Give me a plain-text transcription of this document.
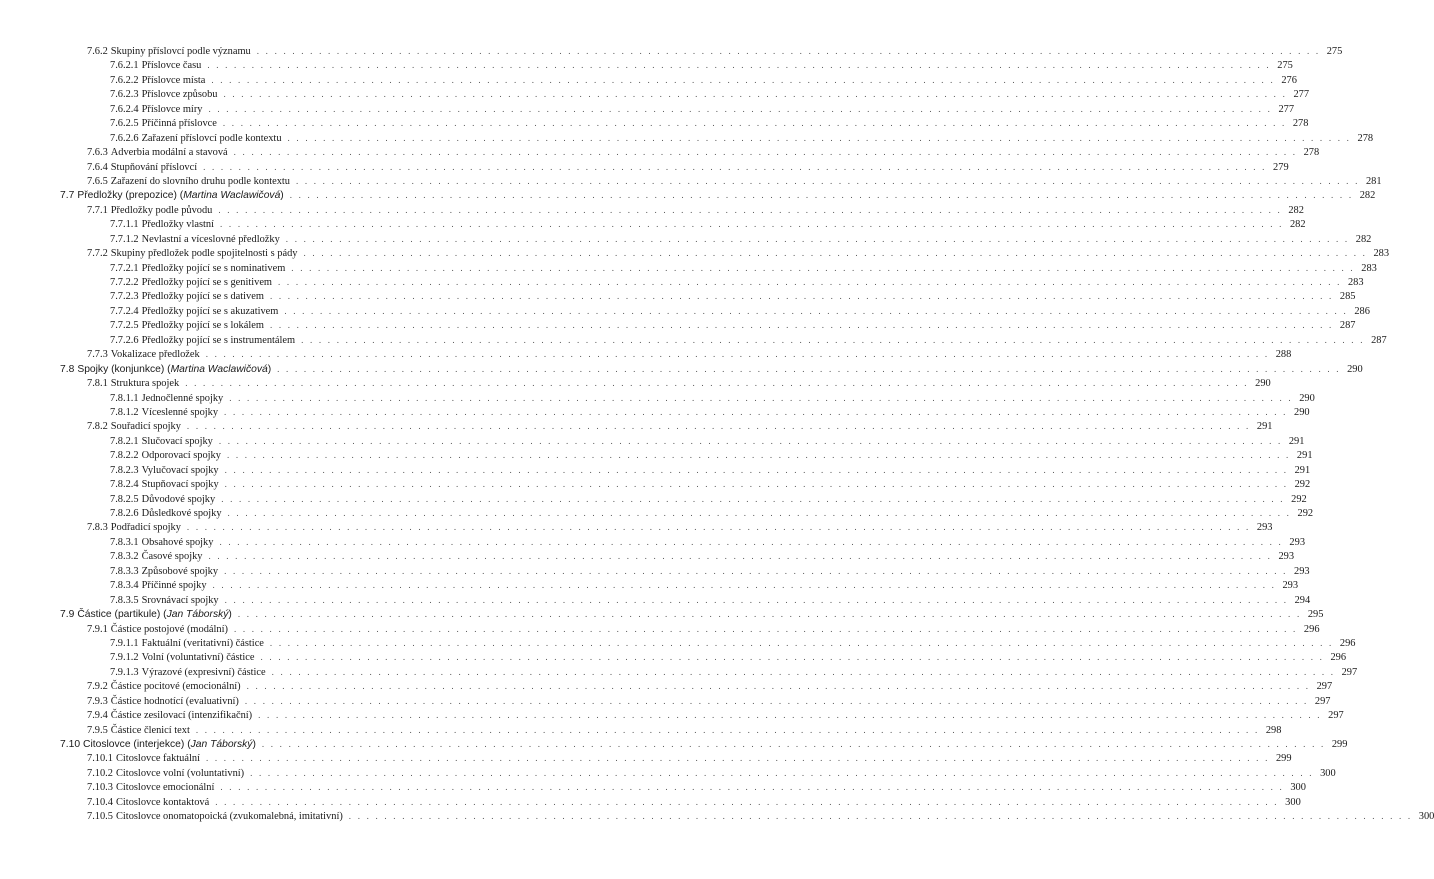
7.6.2 Skupiny příslovcí podle významu . . . . . . . . . . . . . . . . . . . . . . . . . . . . . . . . . . . . . . . . . . . . . . . . . . . . . . . . . . . . . . . . . . . . . . . . . . . . . . . . . . . . . . . . . . . . . . . . . . . . . . . . . . . . . . . . . . . . . . . . 275
7.6.2.1 Příslovce času . . . . . . . . . . . . . . . . . . . . . . . . . . . . . . . . . . . . . . . . . . . . . . . . . . . . . . . . . . . . . . . . . . . . . . . . . . . . . . . . . . . . . . . . . . . . . . . . . . . . . . . . . . . . . . . . . . . . . . . . 275
7.6.2.2 Příslovce místa . . . . . . . . . . . . . . . . . . . . . . . . . . . . . . . . . . . . . . . . . . . . . . . . . . . . . . . . . . . . . . . . . . . . . . . . . . . . . . . . . . . . . . . . . . . . . . . . . . . . . . . . . . . . . . . . . . . . . . . . 276
7.6.2.3 Příslovce způsobu . . . . . . . . . . . . . . . . . . . . . . . . . . . . . . . . . . . . . . . . . . . . . . . . . . . . . . . . . . . . . . . . . . . . . . . . . . . . . . . . . . . . . . . . . . . . . . . . . . . . . . . . . . . . . . . . . . . . . . . . 277
7.6.2.4 Příslovce míry . . . . . . . . . . . . . . . . . . . . . . . . . . . . . . . . . . . . . . . . . . . . . . . . . . . . . . . . . . . . . . . . . . . . . . . . . . . . . . . . . . . . . . . . . . . . . . . . . . . . . . . . . . . . . . . . . . . . . . . . 277
7.6.2.5 Příčinná příslovce . . . . . . . . . . . . . . . . . . . . . . . . . . . . . . . . . . . . . . . . . . . . . . . . . . . . . . . . . . . . . . . . . . . . . . . . . . . . . . . . . . . . . . . . . . . . . . . . . . . . . . . . . . . . . . . . . . . . . . . . 278
7.6.2.6 Zařazení příslovcí podle kontextu . . . . . . . . . . . . . . . . . . . . . . . . . . . . . . . . . . . . . . . . . . . . . . . . . . . . . . . . . . . . . . . . . . . . . . . . . . . . . . . . . . . . . . . . . . . . . . . . . . . . . . . . . . . . . . . . . . . . . . . . 278
7.6.3 Adverbia modální a stavová . . . . . . . . . . . . . . . . . . . . . . . . . . . . . . . . . . . . . . . . . . . . . . . . . . . . . . . . . . . . . . . . . . . . . . . . . . . . . . . . . . . . . . . . . . . . . . . . . . . . . . . . . . . . . . . . . . . . . . . . 278
7.6.4 Stupňování příslovcí . . . . . . . . . . . . . . . . . . . . . . . . . . . . . . . . . . . . . . . . . . . . . . . . . . . . . . . . . . . . . . . . . . . . . . . . . . . . . . . . . . . . . . . . . . . . . . . . . . . . . . . . . . . . . . . . . . . . . . . . 279
7.6.5 Zařazení do slovního druhu podle kontextu . . . . . . . . . . . . . . . . . . . . . . . . . . . . . . . . . . . . . . . . . . . . . . . . . . . . . . . . . . . . . . . . . . . . . . . . . . . . . . . . . . . . . . . . . . . . . . . . . . . . . . . . . . . . . . . . . . . . . . . . 281
7.7 Předložky (prepozice) (Martina Waclawičová) . . . . . . . . . . . . . . . . . . . . . . . . . . . . . . . . . . . . . . . . . . . . . . . . . . . . . . . . . . . . . . . . . . . . . . . . . . . . . . . . . . . . . . . . . . . . . . . . . . . . . . . . . . . . . . . . . . . . . . . . 282
7.7.1 Předložky podle původu . . . . . . . . . . . . . . . . . . . . . . . . . . . . . . . . . . . . . . . . . . . . . . . . . . . . . . . . . . . . . . . . . . . . . . . . . . . . . . . . . . . . . . . . . . . . . . . . . . . . . . . . . . . . . . . . . . . . . . . . 282
7.7.1.1 Předložky vlastní . . . . . . . . . . . . . . . . . . . . . . . . . . . . . . . . . . . . . . . . . . . . . . . . . . . . . . . . . . . . . . . . . . . . . . . . . . . . . . . . . . . . . . . . . . . . . . . . . . . . . . . . . . . . . . . . . . . . . . . . 282
7.7.1.2 Nevlastní a víceslovné předložky . . . . . . . . . . . . . . . . . . . . . . . . . . . . . . . . . . . . . . . . . . . . . . . . . . . . . . . . . . . . . . . . . . . . . . . . . . . . . . . . . . . . . . . . . . . . . . . . . . . . . . . . . . . . . . . . . . . . . . . . 282
7.7.2 Skupiny předložek podle spojitelnosti s pády . . . . . . . . . . . . . . . . . . . . . . . . . . . . . . . . . . . . . . . . . . . . . . . . . . . . . . . . . . . . . . . . . . . . . . . . . . . . . . . . . . . . . . . . . . . . . . . . . . . . . . . . . . . . . . . . . . . . . . . . 283
7.7.2.1 Předložky pojící se s nominativem . . . . . . . . . . . . . . . . . . . . . . . . . . . . . . . . . . . . . . . . . . . . . . . . . . . . . . . . . . . . . . . . . . . . . . . . . . . . . . . . . . . . . . . . . . . . . . . . . . . . . . . . . . . . . . . . . . . . . . . . 283
7.7.2.2 Předložky pojící se s genitivem . . . . . . . . . . . . . . . . . . . . . . . . . . . . . . . . . . . . . . . . . . . . . . . . . . . . . . . . . . . . . . . . . . . . . . . . . . . . . . . . . . . . . . . . . . . . . . . . . . . . . . . . . . . . . . . . . . . . . . . . 283
7.7.2.3 Předložky pojící se s dativem . . . . . . . . . . . . . . . . . . . . . . . . . . . . . . . . . . . . . . . . . . . . . . . . . . . . . . . . . . . . . . . . . . . . . . . . . . . . . . . . . . . . . . . . . . . . . . . . . . . . . . . . . . . . . . . . . . . . . . . . 285
7.7.2.4 Předložky pojící se s akuzativem . . . . . . . . . . . . . . . . . . . . . . . . . . . . . . . . . . . . . . . . . . . . . . . . . . . . . . . . . . . . . . . . . . . . . . . . . . . . . . . . . . . . . . . . . . . . . . . . . . . . . . . . . . . . . . . . . . . . . . . . 286
7.7.2.5 Předložky pojící se s lokálem . . . . . . . . . . . . . . . . . . . . . . . . . . . . . . . . . . . . . . . . . . . . . . . . . . . . . . . . . . . . . . . . . . . . . . . . . . . . . . . . . . . . . . . . . . . . . . . . . . . . . . . . . . . . . . . . . . . . . . . . 287
7.7.2.6 Předložky pojící se s instrumentálem . . . . . . . . . . . . . . . . . . . . . . . . . . . . . . . . . . . . . . . . . . . . . . . . . . . . . . . . . . . . . . . . . . . . . . . . . . . . . . . . . . . . . . . . . . . . . . . . . . . . . . . . . . . . . . . . . . . . . . . . 287
7.7.3 Vokalizace předložek . . . . . . . . . . . . . . . . . . . . . . . . . . . . . . . . . . . . . . . . . . . . . . . . . . . . . . . . . . . . . . . . . . . . . . . . . . . . . . . . . . . . . . . . . . . . . . . . . . . . . . . . . . . . . . . . . . . . . . . . 288
7.8 Spojky (konjunkce) (Martina Waclawičová) . . . . . . . . . . . . . . . . . . . . . . . . . . . . . . . . . . . . . . . . . . . . . . . . . . . . . . . . . . . . . . . . . . . . . . . . . . . . . . . . . . . . . . . . . . . . . . . . . . . . . . . . . . . . . . . . . . . . . . . . 290
7.8.1 Struktura spojek . . . . . . . . . . . . . . . . . . . . . . . . . . . . . . . . . . . . . . . . . . . . . . . . . . . . . . . . . . . . . . . . . . . . . . . . . . . . . . . . . . . . . . . . . . . . . . . . . . . . . . . . . . . . . . . . . . . . . . . . 290
7.8.1.1 Jednočlenné spojky . . . . . . . . . . . . . . . . . . . . . . . . . . . . . . . . . . . . . . . . . . . . . . . . . . . . . . . . . . . . . . . . . . . . . . . . . . . . . . . . . . . . . . . . . . . . . . . . . . . . . . . . . . . . . . . . . . . . . . . . 290
7.8.1.2 Víceslenné spojky . . . . . . . . . . . . . . . . . . . . . . . . . . . . . . . . . . . . . . . . . . . . . . . . . . . . . . . . . . . . . . . . . . . . . . . . . . . . . . . . . . . . . . . . . . . . . . . . . . . . . . . . . . . . . . . . . . . . . . . . 290
7.8.2 Souřadicí spojky . . . . . . . . . . . . . . . . . . . . . . . . . . . . . . . . . . . . . . . . . . . . . . . . . . . . . . . . . . . . . . . . . . . . . . . . . . . . . . . . . . . . . . . . . . . . . . . . . . . . . . . . . . . . . . . . . . . . . . . . 291
7.8.2.1 Slučovací spojky . . . . . . . . . . . . . . . . . . . . . . . . . . . . . . . . . . . . . . . . . . . . . . . . . . . . . . . . . . . . . . . . . . . . . . . . . . . . . . . . . . . . . . . . . . . . . . . . . . . . . . . . . . . . . . . . . . . . . . . . 291
7.8.2.2 Odporovací spojky . . . . . . . . . . . . . . . . . . . . . . . . . . . . . . . . . . . . . . . . . . . . . . . . . . . . . . . . . . . . . . . . . . . . . . . . . . . . . . . . . . . . . . . . . . . . . . . . . . . . . . . . . . . . . . . . . . . . . . . . 291
7.8.2.3 Vylučovací spojky . . . . . . . . . . . . . . . . . . . . . . . . . . . . . . . . . . . . . . . . . . . . . . . . . . . . . . . . . . . . . . . . . . . . . . . . . . . . . . . . . . . . . . . . . . . . . . . . . . . . . . . . . . . . . . . . . . . . . . . . 291
7.8.2.4 Stupňovací spojky . . . . . . . . . . . . . . . . . . . . . . . . . . . . . . . . . . . . . . . . . . . . . . . . . . . . . . . . . . . . . . . . . . . . . . . . . . . . . . . . . . . . . . . . . . . . . . . . . . . . . . . . . . . . . . . . . . . . . . . . 292
7.8.2.5 Důvodové spojky . . . . . . . . . . . . . . . . . . . . . . . . . . . . . . . . . . . . . . . . . . . . . . . . . . . . . . . . . . . . . . . . . . . . . . . . . . . . . . . . . . . . . . . . . . . . . . . . . . . . . . . . . . . . . . . . . . . . . . . . 292
7.8.2.6 Důsledkové spojky . . . . . . . . . . . . . . . . . . . . . . . . . . . . . . . . . . . . . . . . . . . . . . . . . . . . . . . . . . . . . . . . . . . . . . . . . . . . . . . . . . . . . . . . . . . . . . . . . . . . . . . . . . . . . . . . . . . . . . . . 292
7.8.3 Podřadicí spojky . . . . . . . . . . . . . . . . . . . . . . . . . . . . . . . . . . . . . . . . . . . . . . . . . . . . . . . . . . . . . . . . . . . . . . . . . . . . . . . . . . . . . . . . . . . . . . . . . . . . . . . . . . . . . . . . . . . . . . . . 293
7.8.3.1 Obsahové spojky . . . . . . . . . . . . . . . . . . . . . . . . . . . . . . . . . . . . . . . . . . . . . . . . . . . . . . . . . . . . . . . . . . . . . . . . . . . . . . . . . . . . . . . . . . . . . . . . . . . . . . . . . . . . . . . . . . . . . . . . 293
7.8.3.2 Časové spojky . . . . . . . . . . . . . . . . . . . . . . . . . . . . . . . . . . . . . . . . . . . . . . . . . . . . . . . . . . . . . . . . . . . . . . . . . . . . . . . . . . . . . . . . . . . . . . . . . . . . . . . . . . . . . . . . . . . . . . . . 293
7.8.3.3 Způsobové spojky . . . . . . . . . . . . . . . . . . . . . . . . . . . . . . . . . . . . . . . . . . . . . . . . . . . . . . . . . . . . . . . . . . . . . . . . . . . . . . . . . . . . . . . . . . . . . . . . . . . . . . . . . . . . . . . . . . . . . . . . 293
7.8.3.4 Příčinné spojky . . . . . . . . . . . . . . . . . . . . . . . . . . . . . . . . . . . . . . . . . . . . . . . . . . . . . . . . . . . . . . . . . . . . . . . . . . . . . . . . . . . . . . . . . . . . . . . . . . . . . . . . . . . . . . . . . . . . . . . . 293
7.8.3.5 Srovnávací spojky . . . . . . . . . . . . . . . . . . . . . . . . . . . . . . . . . . . . . . . . . . . . . . . . . . . . . . . . . . . . . . . . . . . . . . . . . . . . . . . . . . . . . . . . . . . . . . . . . . . . . . . . . . . . . . . . . . . . . . . . 294
7.9 Částice (partikule) (Jan Táborský) . . . . . . . . . . . . . . . . . . . . . . . . . . . . . . . . . . . . . . . . . . . . . . . . . . . . . . . . . . . . . . . . . . . . . . . . . . . . . . . . . . . . . . . . . . . . . . . . . . . . . . . . . . . . . . . . . . . . . . . . 295
7.9.1 Částice postojové (modální) . . . . . . . . . . . . . . . . . . . . . . . . . . . . . . . . . . . . . . . . . . . . . . . . . . . . . . . . . . . . . . . . . . . . . . . . . . . . . . . . . . . . . . . . . . . . . . . . . . . . . . . . . . . . . . . . . . . . . . . . 296
7.9.1.1 Faktuální (veritativní) částice . . . . . . . . . . . . . . . . . . . . . . . . . . . . . . . . . . . . . . . . . . . . . . . . . . . . . . . . . . . . . . . . . . . . . . . . . . . . . . . . . . . . . . . . . . . . . . . . . . . . . . . . . . . . . . . . . . . . . . . . 296
7.9.1.2 Volní (voluntativní) částice . . . . . . . . . . . . . . . . . . . . . . . . . . . . . . . . . . . . . . . . . . . . . . . . . . . . . . . . . . . . . . . . . . . . . . . . . . . . . . . . . . . . . . . . . . . . . . . . . . . . . . . . . . . . . . . . . . . . . . . . 296
7.9.1.3 Výrazové (expresivní) částice . . . . . . . . . . . . . . . . . . . . . . . . . . . . . . . . . . . . . . . . . . . . . . . . . . . . . . . . . . . . . . . . . . . . . . . . . . . . . . . . . . . . . . . . . . . . . . . . . . . . . . . . . . . . . . . . . . . . . . . . 297
7.9.2 Částice pocitové (emocionální) . . . . . . . . . . . . . . . . . . . . . . . . . . . . . . . . . . . . . . . . . . . . . . . . . . . . . . . . . . . . . . . . . . . . . . . . . . . . . . . . . . . . . . . . . . . . . . . . . . . . . . . . . . . . . . . . . . . . . . . . 297
7.9.3 Částice hodnotící (evaluativní) . . . . . . . . . . . . . . . . . . . . . . . . . . . . . . . . . . . . . . . . . . . . . . . . . . . . . . . . . . . . . . . . . . . . . . . . . . . . . . . . . . . . . . . . . . . . . . . . . . . . . . . . . . . . . . . . . . . . . . . . 297
7.9.4 Částice zesilovací (intenzifikační) . . . . . . . . . . . . . . . . . . . . . . . . . . . . . . . . . . . . . . . . . . . . . . . . . . . . . . . . . . . . . . . . . . . . . . . . . . . . . . . . . . . . . . . . . . . . . . . . . . . . . . . . . . . . . . . . . . . . . . . . 297
7.9.5 Částice členicí text . . . . . . . . . . . . . . . . . . . . . . . . . . . . . . . . . . . . . . . . . . . . . . . . . . . . . . . . . . . . . . . . . . . . . . . . . . . . . . . . . . . . . . . . . . . . . . . . . . . . . . . . . . . . . . . . . . . . . . . . 298
7.10 Citoslovce (interjekce) (Jan Táborský) . . . . . . . . . . . . . . . . . . . . . . . . . . . . . . . . . . . . . . . . . . . . . . . . . . . . . . . . . . . . . . . . . . . . . . . . . . . . . . . . . . . . . . . . . . . . . . . . . . . . . . . . . . . . . . . . . . . . . . . . 299
7.10.1 Citoslovce faktuální . . . . . . . . . . . . . . . . . . . . . . . . . . . . . . . . . . . . . . . . . . . . . . . . . . . . . . . . . . . . . . . . . . . . . . . . . . . . . . . . . . . . . . . . . . . . . . . . . . . . . . . . . . . . . . . . . . . . . . . . 299
7.10.2 Citoslovce volní (voluntativní) . . . . . . . . . . . . . . . . . . . . . . . . . . . . . . . . . . . . . . . . . . . . . . . . . . . . . . . . . . . . . . . . . . . . . . . . . . . . . . . . . . . . . . . . . . . . . . . . . . . . . . . . . . . . . . . . . . . . . . . . 300
7.10.3 Citoslovce emocionální . . . . . . . . . . . . . . . . . . . . . . . . . . . . . . . . . . . . . . . . . . . . . . . . . . . . . . . . . . . . . . . . . . . . . . . . . . . . . . . . . . . . . . . . . . . . . . . . . . . . . . . . . . . . . . . . . . . . . . . . 300
7.10.4 Citoslovce kontaktová . . . . . . . . . . . . . . . . . . . . . . . . . . . . . . . . . . . . . . . . . . . . . . . . . . . . . . . . . . . . . . . . . . . . . . . . . . . . . . . . . . . . . . . . . . . . . . . . . . . . . . . . . . . . . . . . . . . . . . . . 300
7.10.5 Citoslovce onomatopoická (zvukomalebná, imitativní) . . . . . . . . . . . . . . . . . . . . . . . . . . . . . . . . . . . . . . . . . . . . . . . . . . . . . . . . . . . . . . . . . . . . . . . . . . . . . . . . . . . . . . . . . . . . . . . . . . . . . . . . . . . . . . . . . . . . . . . . 300
